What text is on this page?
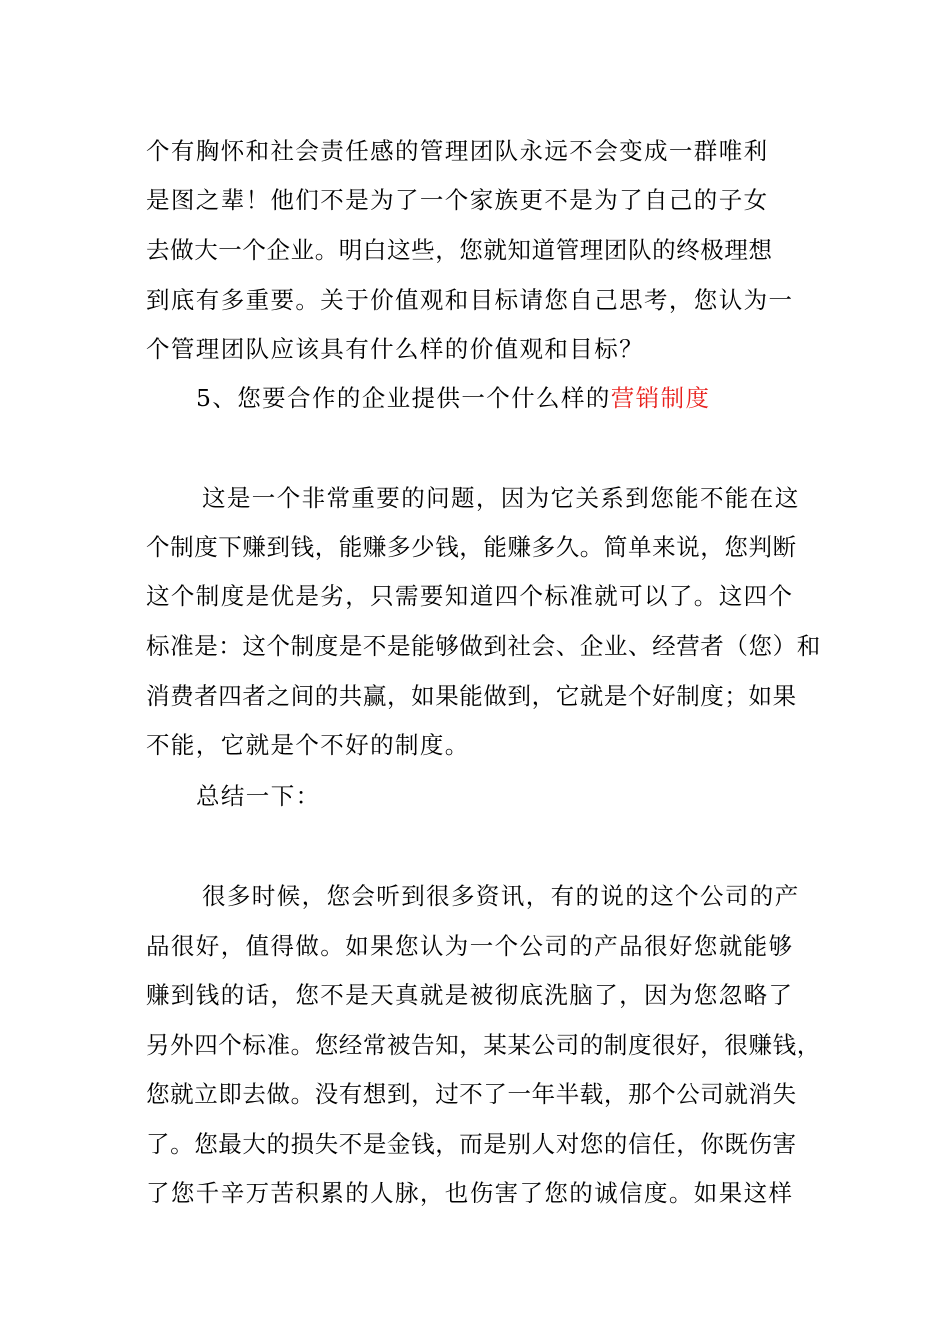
个有胸怀和社会责任感的管理团队永远不会变成一群唯利
是图之辈！他们不是为了一个家族更不是为了自己的子女
去做大一个企业。明白这些，您就知道管理团队的终极理想
到底有多重要。关于价值观和目标请您自己思考，您认为一
个管理团队应该具有什么样的价值观和目标？
5、您要合作的企业提供一个什么样的营销制度
这是一个非常重要的问题，因为它关系到您能不能在这
个制度下赚到钱，能赚多少钱，能赚多久。简单来说，您判断
这个制度是优是劣，只需要知道四个标准就可以了。这四个
标准是：这个制度是不是能够做到社会、企业、经营者（您）和
消费者四者之间的共赢，如果能做到，它就是个好制度；如果
不能，它就是个不好的制度。
总结一下：
很多时候，您会听到很多资讯，有的说的这个公司的产
品很好，值得做。如果您认为一个公司的产品很好您就能够
赚到钱的话，您不是天真就是被彻底洗脑了，因为您忽略了
另外四个标准。您经常被告知，某某公司的制度很好，很赚钱，
您就立即去做。没有想到，过不了一年半载，那个公司就消失
了。您最大的损失不是金钱，而是别人对您的信任，你既伤害
了您千辛万苦积累的人脉，也伤害了您的诚信度。如果这样
